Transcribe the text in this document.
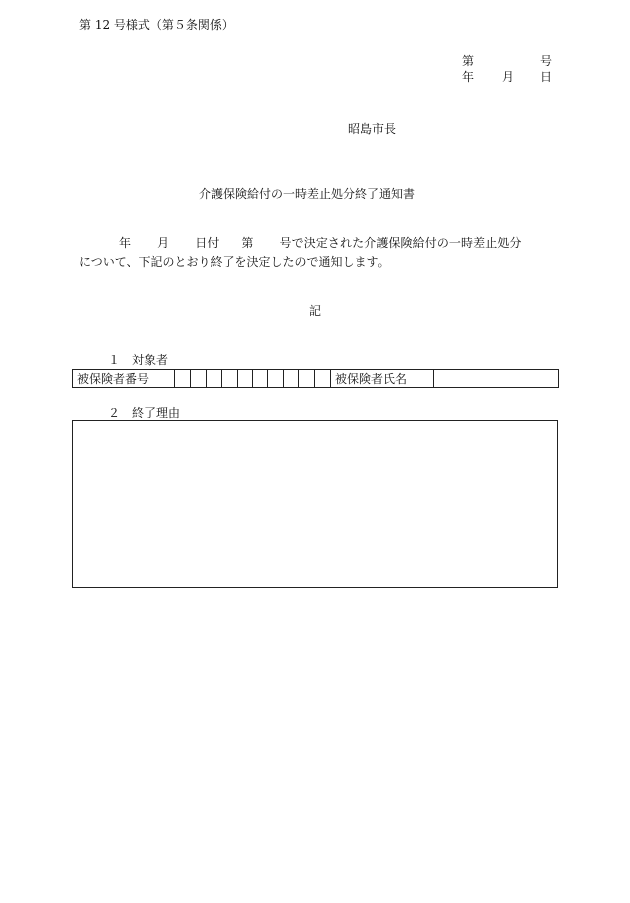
第 12 号様式（第５条関係）
第	号
年 月 日
昭島市長
介護保険給付の一時差止処分終了通知書
年 月 日付 第 号で決定された介護保険給付の一時差止処分
について、下記のとおり終了を決定したので通知します。
記
１　対象者
被保険者番号											被保険者氏名	
２　終了理由
